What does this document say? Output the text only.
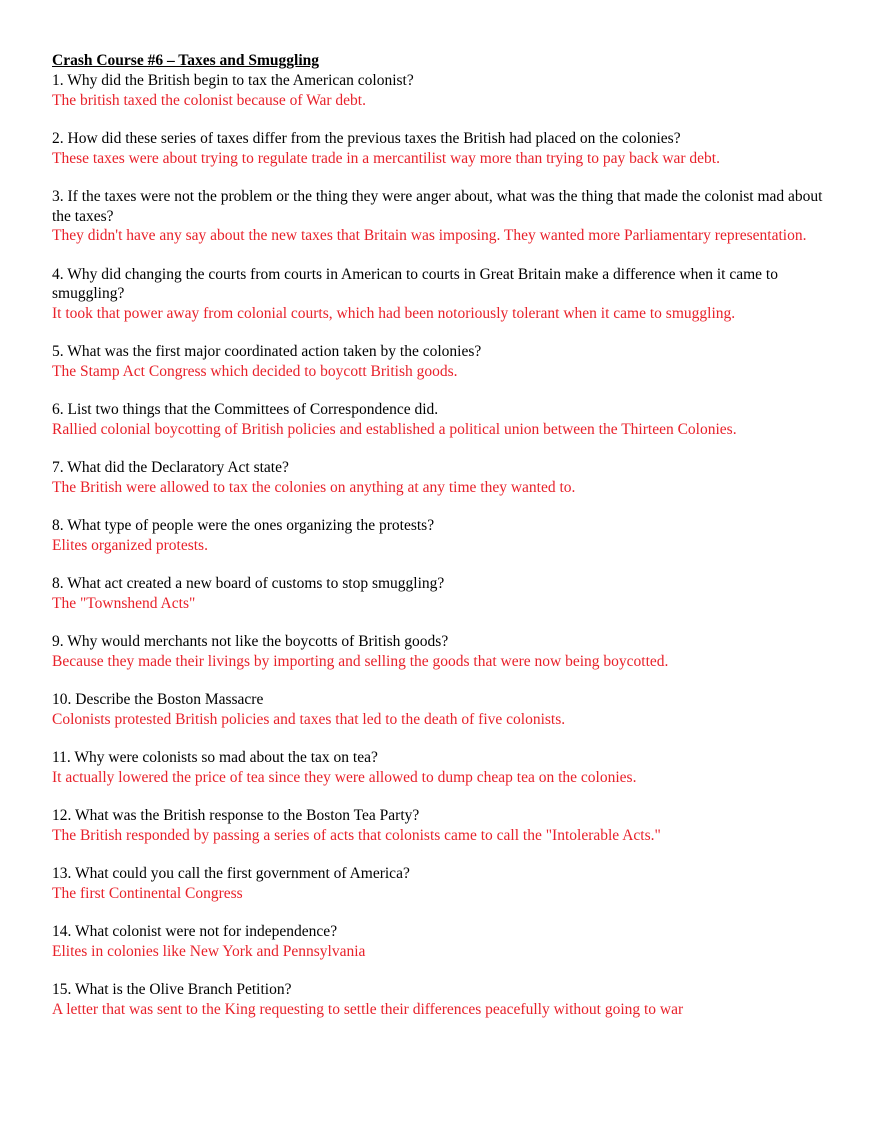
Crash Course #6 – Taxes and Smuggling

1. Why did the British begin to tax the American colonist?

The british taxed the colonist because of War debt.

2. How did these series of taxes differ from the previous taxes the British had placed on the colonies?

These taxes were about trying to regulate trade in a mercantilist way more than trying to pay back war debt.

3. If the taxes were not the problem or the thing they were anger about, what was the thing that made the colonist mad about the taxes?

They didn't have any say about the new taxes that Britain was imposing. They wanted more Parliamentary representation.

4. Why did changing the courts from courts in American to courts in Great Britain make a difference when it came to smuggling?

It took that power away from colonial courts, which had been notoriously tolerant when it came to smuggling.

5. What was the first major coordinated action taken by the colonies?

The Stamp Act Congress which decided to boycott British goods.

6. List two things that the Committees of Correspondence did.

Rallied colonial boycotting of British policies and established a political union between the Thirteen Colonies.

7. What did the Declaratory Act state?

The British were allowed to tax the colonies on anything at any time they wanted to.

8. What type of people were the ones organizing the protests?

Elites organized protests.

8. What act created a new board of customs to stop smuggling?

The "Townshend Acts"

9. Why would merchants not like the boycotts of British goods?

Because they made their livings by importing and selling the goods that were now being boycotted.

10. Describe the Boston Massacre

Colonists protested British policies and taxes that led to the death of five colonists.

11. Why were colonists so mad about the tax on tea?

It actually lowered the price of tea since they were allowed to dump cheap tea on the colonies.

12. What was the British response to the Boston Tea Party?

The British responded by passing a series of acts that colonists came to call the "Intolerable Acts."

13. What could you call the first government of America?

The first Continental Congress

14. What colonist were not for independence?

Elites in colonies like New York and Pennsylvania

15. What is the Olive Branch Petition?

A letter that was sent to the King requesting to settle their differences peacefully without going to war
